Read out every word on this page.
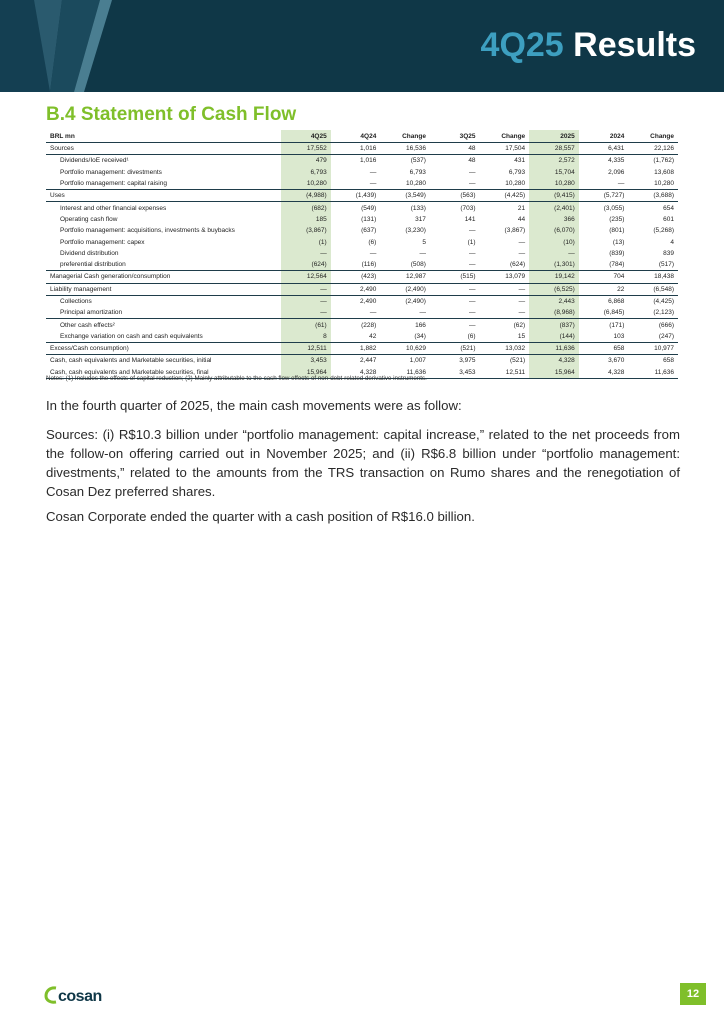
4Q25 Results
B.4 Statement of Cash Flow
BRL mn	4Q25	4Q24	Change	3Q25	Change	2025	2024	Change
Sources	17,552	1,016	16,536	48	17,504	28,557	6,431	22,126
Dividends/IoE received¹	479	1,016	(537)	48	431	2,572	4,335	(1,762)
Portfolio management: divestments	6,793	—	6,793	—	6,793	15,704	2,096	13,608
Portfolio management: capital raising	10,280	—	10,280	—	10,280	10,280	—	10,280
Uses	(4,988)	(1,439)	(3,549)	(563)	(4,425)	(9,415)	(5,727)	(3,688)
Interest and other financial expenses	(682)	(549)	(133)	(703)	21	(2,401)	(3,055)	654
Operating cash flow	185	(131)	317	141	44	366	(235)	601
Portfolio management: acquisitions, investments & buybacks	(3,867)	(637)	(3,230)	—	(3,867)	(6,070)	(801)	(5,268)
Portfolio management: capex	(1)	(6)	5	(1)	—	(10)	(13)	4
Dividend distribution	—	—	—	—	—	—	(839)	839
preferential distribution	(624)	(116)	(508)	—	(624)	(1,301)	(784)	(517)
Managerial Cash generation/consumption	12,564	(423)	12,987	(515)	13,079	19,142	704	18,438
Liability management	—	2,490	(2,490)	—	—	(6,525)	22	(6,548)
Collections	—	2,490	(2,490)	—	—	2,443	6,868	(4,425)
Principal amortization	—	—	—	—	—	(8,968)	(6,845)	(2,123)
Other cash effects²	(61)	(228)	166	—	(62)	(837)	(171)	(666)
Exchange variation on cash and cash equivalents	8	42	(34)	(6)	15	(144)	103	(247)
Excess/Cash consumption)	12,511	1,882	10,629	(521)	13,032	11,636	658	10,977
Cash, cash equivalents and Marketable securities, initial	3,453	2,447	1,007	3,975	(521)	4,328	3,670	658
Cash, cash equivalents and Marketable securities, final	15,964	4,328	11,636	3,453	12,511	15,964	4,328	11,636
Notes: (1) Includes the effects of capital reduction; (2) Mainly attributable to the cash flow effects of non-debt-related derivative instruments.

In the fourth quarter of 2025, the main cash movements were as follow:

Sources: (i) R$10.3 billion under “portfolio management: capital increase,” related to the net proceeds from the follow-on offering carried out in November 2025; and (ii) R$6.8 billion under “portfolio management: divestments,” related to the amounts from the TRS transaction on Rumo shares and the renegotiation of Cosan Dez preferred shares.

Cosan Corporate ended the quarter with a cash position of R$16.0 billion.

cosan	12
